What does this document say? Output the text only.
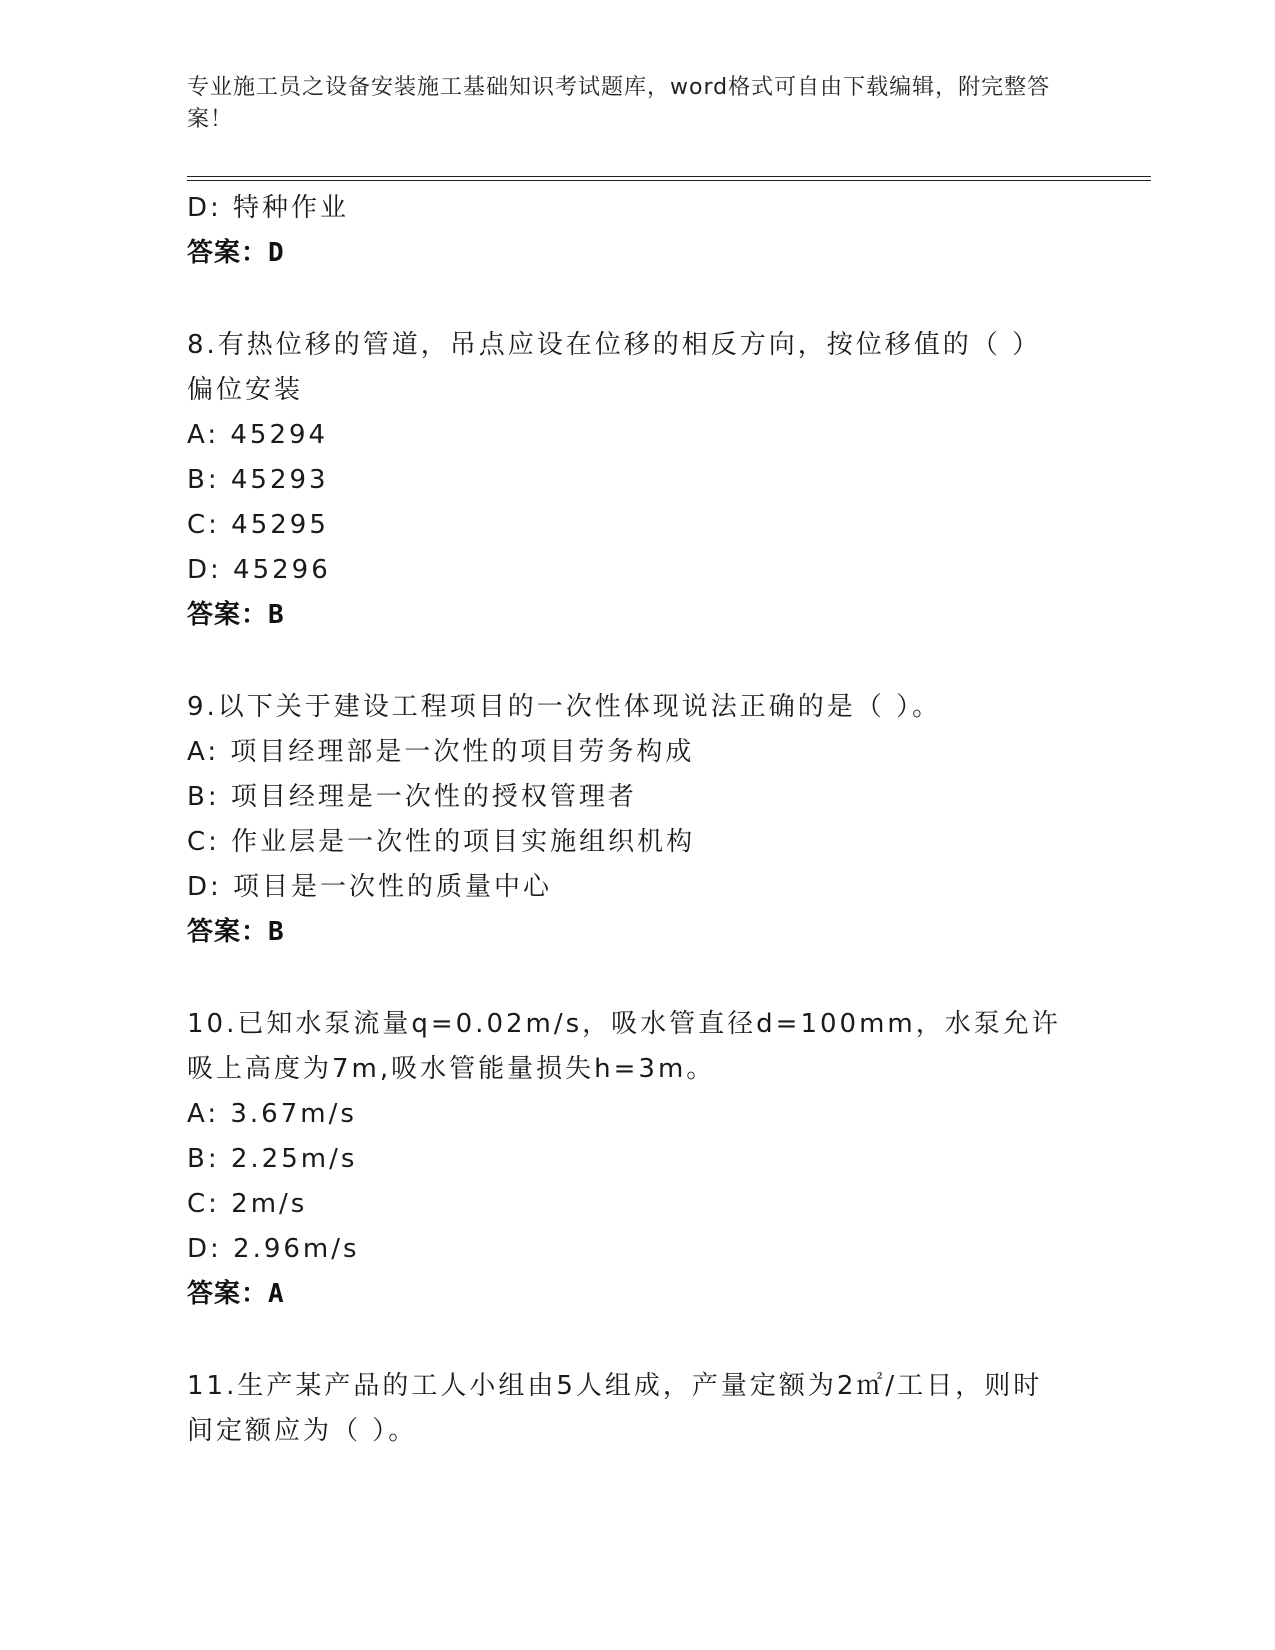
专业施工员之设备安装施工基础知识考试题库，word格式可自由下载编辑，附完整答案！
D: 特种作业
答案：D
8.有热位移的管道，吊点应设在位移的相反方向，按位移值的（ ）偏位安装
A: 45294
B: 45293
C: 45295
D: 45296
答案：B
9.以下关于建设工程项目的一次性体现说法正确的是（ ）。
A: 项目经理部是一次性的项目劳务构成
B: 项目经理是一次性的授权管理者
C: 作业层是一次性的项目实施组织机构
D: 项目是一次性的质量中心
答案：B
10.已知水泵流量q=0.02m/s，吸水管直径d=100mm，水泵允许吸上高度为7m,吸水管能量损失h=3m。
A: 3.67m/s
B: 2.25m/s
C: 2m/s
D: 2.96m/s
答案：A
11.生产某产品的工人小组由5人组成，产量定额为2㎡/工日，则时间定额应为（ ）。
